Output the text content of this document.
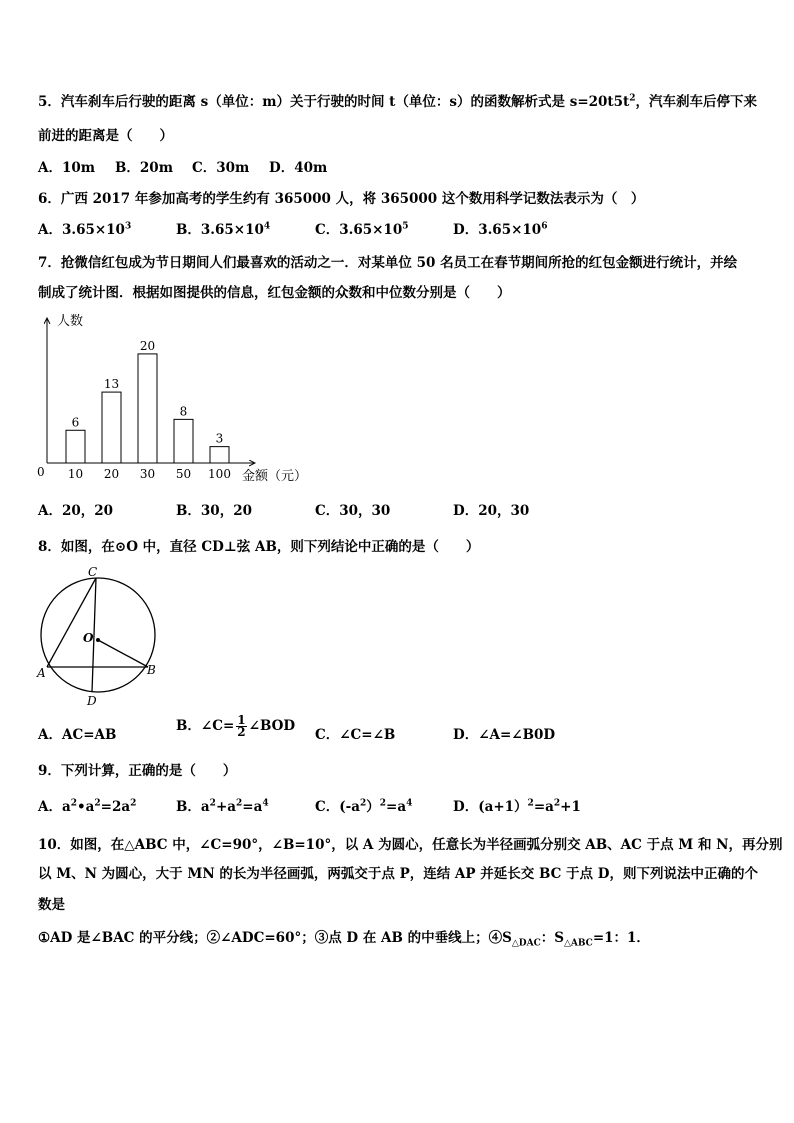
5．汽车刹车后行驶的距离 s（单位：m）关于行驶的时间 t（单位：s）的函数解析式是 $s=20t5t^2$，汽车刹车后停下来
前进的距离是（　　）
A．10m B．20m C．30m D．40m
6．广西 2017 年参加高考的学生约有 365000 人，将 365000 这个数用科学记数法表示为（　）
A．$3.65\times 10^3$	B．$3.65\times 10^4$	C．$3.65\times 10^5$	D．$3.65\times 10^6$
7．抢微信红包成为节日期间人们最喜欢的活动之一．对某单位 50 名员工在春节期间所抢的红包金额进行统计，并绘
制成了统计图．根据如图提供的信息，红包金额的众数和中位数分别是（　　）
人数
金额（元）
0
6
10
13
20
20
30
8
50
3
100
A．20，20	B．30，20	C．30，30	D．20，30
8．如图，在⊙O 中，直径 CD⊥弦 AB，则下列结论中正确的是（　　）
C
O
A	B
D
A．AC=AB
B．∠C= $\frac{1}{2}$ ∠BOD
C．∠C=∠B	D．∠A=∠B0D
9．下列计算，正确的是（　　）
A．$a^2•a^2=2a^2$	B．$a^2+a^2=a^4$	C．$(-a^2)^2=a^4$	D．$(a+1)^2=a^2+1$
10．如图，在△ABC 中，∠C=90°，∠B=10°，以 A 为圆心，任意长为半径画弧分别交 AB、AC 于点 M 和 N，再分别
以 M、N 为圆心，大于 MN 的长为半径画弧，两弧交于点 P，连结 AP 并延长交 BC 于点 D，则下列说法中正确的个
数是
①AD 是∠BAC 的平分线；②∠ADC=60°；③点 D 在 AB 的中垂线上；$④S_{\triangle DAC}$：$S_{\triangle ABC}=1$：1．
